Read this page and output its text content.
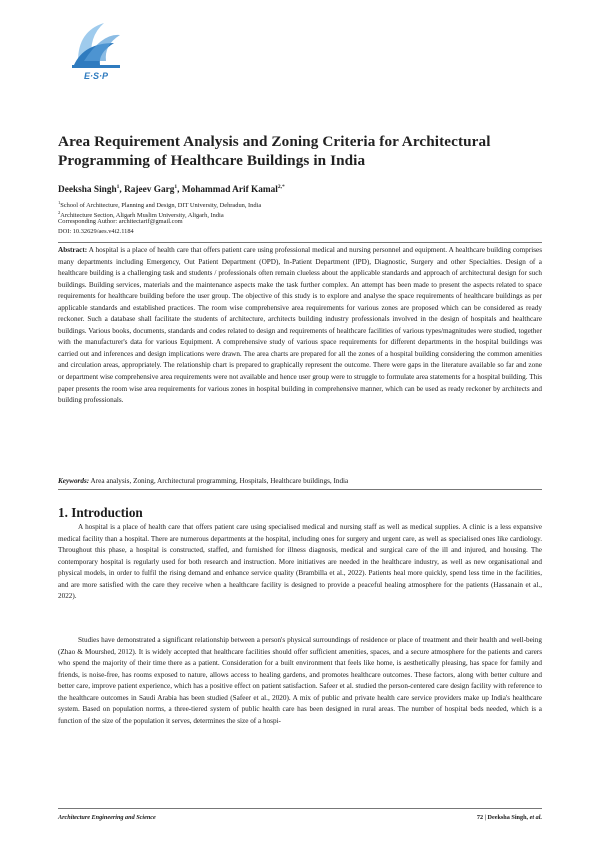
E·S·P
Area Requirement Analysis and Zoning Criteria for Architectural Programming of Healthcare Buildings in India
Deeksha Singh$^1$, Rajeev Garg$^1$, Mohammad Arif Kamal$^{2,*}$
$^1$School of Architecture, Planning and Design, DIT University, Dehradun, India
$^2$Architecture Section, Aligarh Muslim University, Aligarh, India
Corresponding Author: architectarif@gmail.com
DOI: 10.32629/aes.v4i2.1184

Abstract: A hospital is a place of health care that offers patient care using professional medical and nursing personnel and equipment. A healthcare building comprises many departments including Emergency, Out Patient Department (OPD), In-Patient Department (IPD), Diagnostic, Surgery and other Specialties. Design of a healthcare building is a challenging task and students / professionals often remain clueless about the applicable standards and approach of architectural design for such buildings. Building services, materials and the maintenance aspects make the task further complex. An attempt has been made to present the aspects related to space requirements for healthcare building before the user group. The objective of this study is to explore and analyse the space requirements of healthcare buildings as per applicable standards and established practices. The room wise comprehensive area requirements for various zones are proposed which can be considered as ready reckoner. Such a database shall facilitate the students of architecture, architects building industry professionals involved in the design of hospitals and healthcare buildings. Various books, documents, standards and codes related to design and requirements of healthcare facilities of various types/magnitudes were studied, together with the manufacturer's data for various Equipment. A comprehensive study of various space requirements for different departments in the hospital buildings was carried out and inferences and design implications were drawn. The area charts are prepared for all the zones of a hospital building considering the common amenities and circulation areas, appropriately. The relationship chart is prepared to graphically represent the outcome. There were gaps in the literature available so far and zone or department wise comprehensive area requirements were not available and hence user group were to struggle to formulate area statements for a hospital building. This paper presents the room wise area requirements for various zones in hospital building in comprehensive manner, which can be used as ready reckoner by architects and building professionals.

Keywords: Area analysis, Zoning, Architectural programming, Hospitals, Healthcare buildings, India
1. Introduction

A hospital is a place of health care that offers patient care using specialised medical and nursing staff as well as medical supplies. A clinic is a less expansive medical facility than a hospital. There are numerous departments at the hospital, including ones for surgery and urgent care, as well as specialised ones like cardiology. Throughout this phase, a hospital is constructed, staffed, and furnished for illness diagnosis, medical and surgical care of the ill and injured, and housing. The contemporary hospital is regularly used for both research and instruction. More initiatives are needed in the healthcare industry, as well as new organisational and physical models, in order to fulfil the rising demand and enhance service quality (Brambilla et al., 2022). Patients heal more quickly, spend less time in the facilities, and are more satisfied with the care they receive when a healthcare facility is designed to provide a peaceful healing atmosphere for the patients (Hassanain et al., 2022).

Studies have demonstrated a significant relationship between a person's physical surroundings of residence or place of treatment and their health and well-being (Zhao & Mourshed, 2012). It is widely accepted that healthcare facilities should offer sufficient amenities, spaces, and a secure atmosphere for the patients and carers who spend the majority of their time there as a patient. Consideration for a built environment that feels like home, is aesthetically pleasing, has space for family and friends, is noise-free, has rooms exposed to nature, allows access to healing gardens, and promotes healthcare outcomes. These factors, along with better culture and better care, improve patient experience, which has a positive effect on patient satisfaction. Safeer et al. studied the person-centered care design facility with reference to the healthcare outcomes in Saudi Arabia has been studied (Safeer et al., 2020). A mix of public and private health care service providers make up India's healthcare system. Based on population norms, a three-tiered system of public health care has been designed in rural areas. The number of hospital beds needed, which is a function of the size of the population it serves, determines the size of a hospi-

Architecture Engineering and Science	72 | Deeksha Singh, et al.
